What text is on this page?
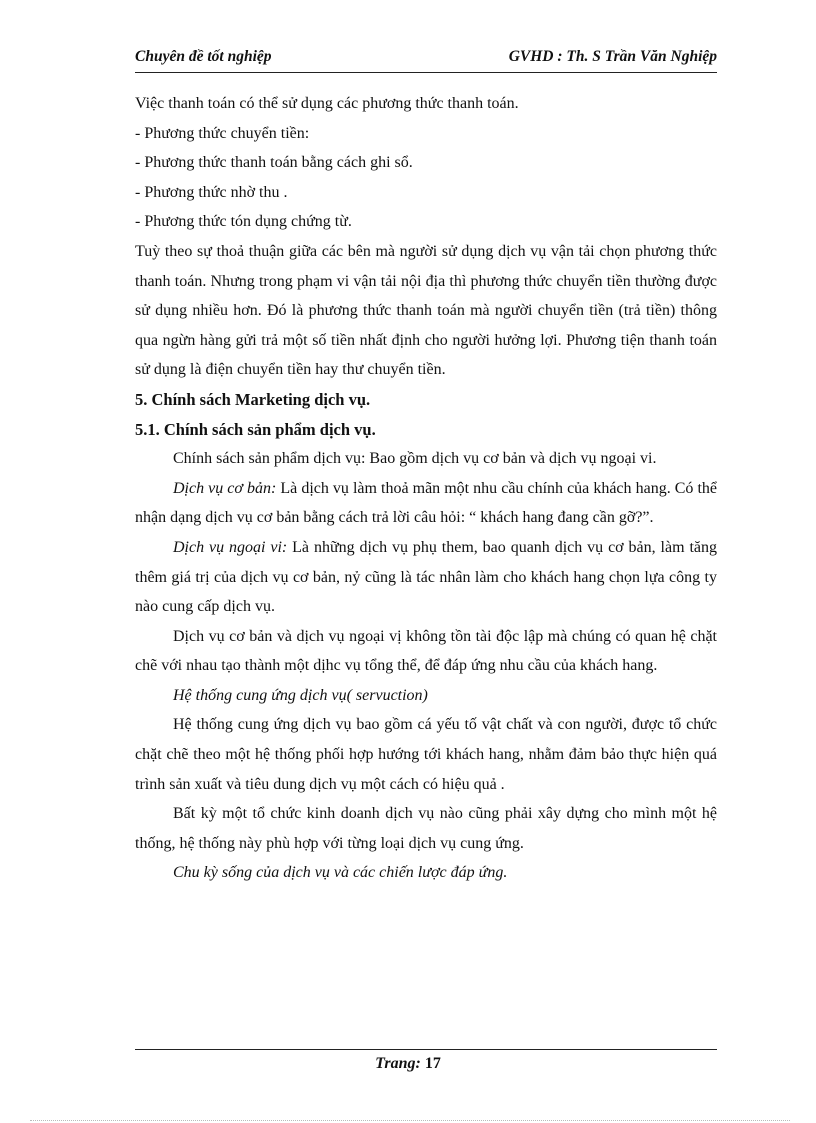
Chuyên đề tốt nghiệp	GVHD : Th. S Trần Văn Nghiệp

Việc thanh toán có thể sử dụng các phương thức thanh toán.

- Phương thức chuyển tiền:

- Phương thức thanh toán bằng cách ghi sổ.

- Phương thức nhờ thu .

- Phương thức tón dụng chứng từ.

Tuỳ theo sự thoả thuận giữa các bên mà người sử dụng dịch vụ vận tải chọn phương thức thanh toán. Nhưng trong phạm vi vận tải nội địa thì phương thức chuyển tiền thường được sử dụng nhiều hơn. Đó là phương thức thanh toán mà người chuyển tiền (trả tiền) thông qua ngừn hàng gửi trả một số tiền nhất định cho người hưởng lợi. Phương tiện thanh toán sử dụng là điện chuyển tiền hay thư chuyển tiền.

5. Chính sách Marketing dịch vụ.

5.1. Chính sách sản phẩm dịch vụ.

Chính sách sản phẩm dịch vụ: Bao gồm dịch vụ cơ bản và dịch vụ ngoại vi.

Dịch vụ cơ bản: Là dịch vụ làm thoả mãn một nhu cầu chính của khách hang. Có thể nhận dạng dịch vụ cơ bản bằng cách trả lời câu hỏi: “ khách hang đang cần gỡ?”.

Dịch vụ ngoại vi: Là những dịch vụ phụ them, bao quanh dịch vụ cơ bản, làm tăng thêm giá trị của dịch vụ cơ bản, nỷ cũng là tác nhân làm cho khách hang chọn lựa công ty nào cung cấp dịch vụ.

Dịch vụ cơ bản và dịch vụ ngoại vị không tồn tài độc lập mà chúng có quan hệ chặt chẽ với nhau tạo thành một dịhc vụ tổng thể, để đáp ứng nhu cầu của khách hang.

Hệ thống cung ứng dịch vụ( servuction)

Hệ thống cung ứng dịch vụ bao gồm cá yếu tố vật chất và con người, được tổ chức chặt chẽ theo một hệ thống phối hợp hướng tới khách hang, nhằm đảm bảo thực hiện quá trình sản xuất và tiêu dung dịch vụ một cách có hiệu quả .

Bất kỳ một tổ chức kinh doanh dịch vụ nào cũng phải xây dựng cho mình một hệ thống, hệ thống này phù hợp với từng loại dịch vụ cung ứng.

Chu kỳ sống của dịch vụ và các chiến lược đáp ứng.

Trang: 17
